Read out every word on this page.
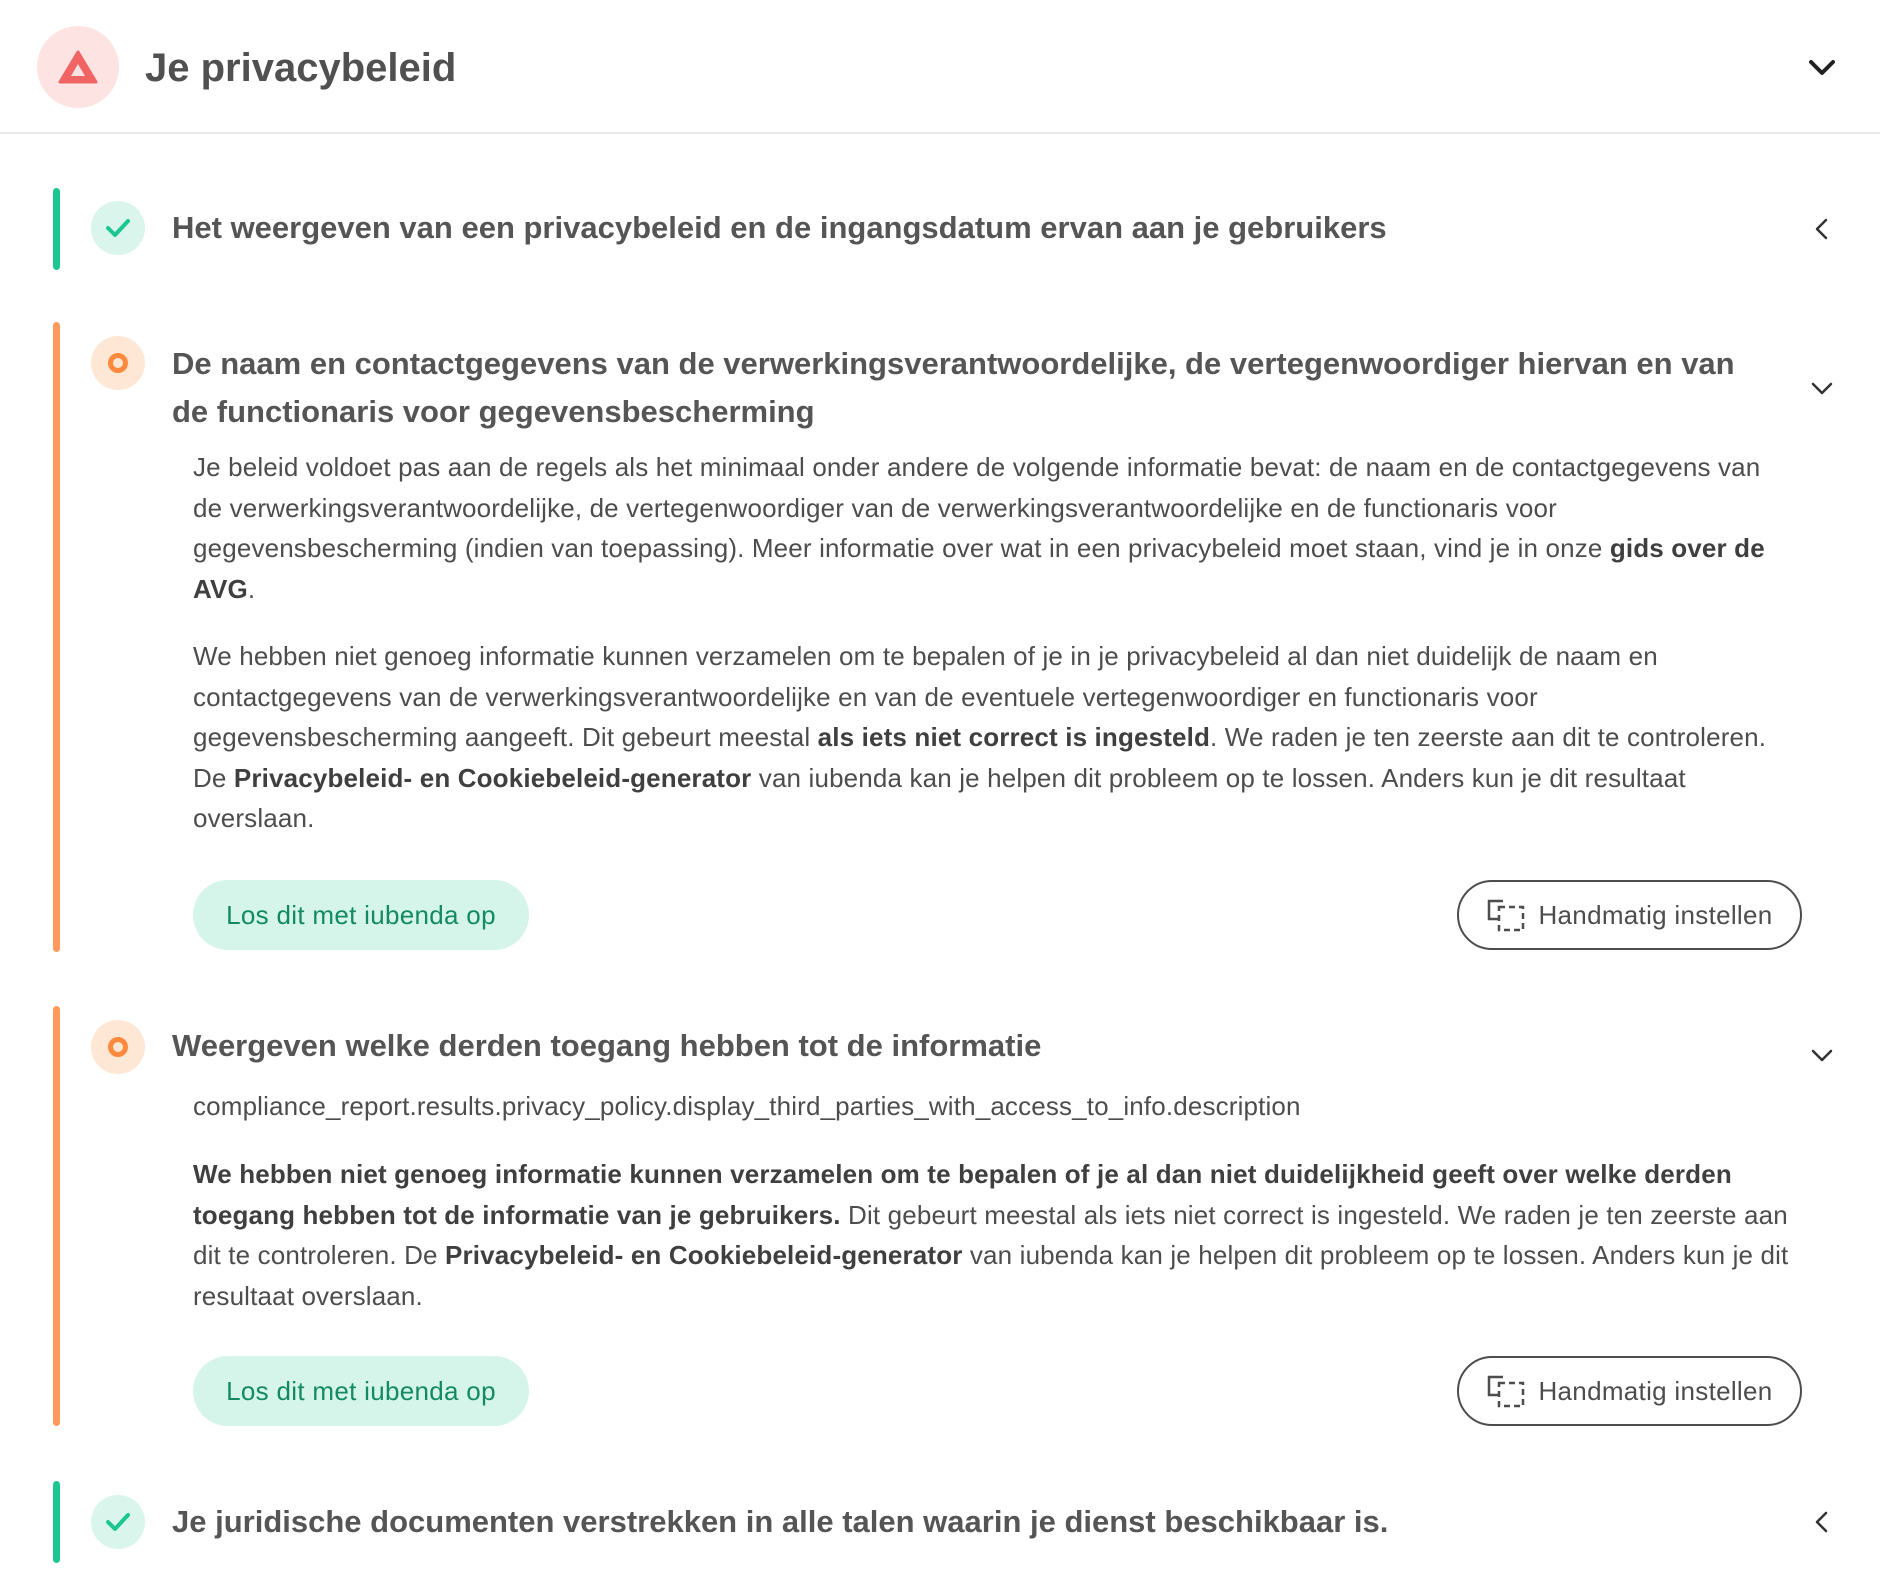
Je privacybeleid
Het weergeven van een privacybeleid en de ingangsdatum ervan aan je gebruikers
De naam en contactgegevens van de verwerkingsverantwoordelijke, de vertegenwoordiger hiervan en van de functionaris voor gegevensbescherming
Je beleid voldoet pas aan de regels als het minimaal onder andere de volgende informatie bevat: de naam en de contactgegevens van de verwerkingsverantwoordelijke, de vertegenwoordiger van de verwerkingsverantwoordelijke en de functionaris voor gegevensbescherming (indien van toepassing). Meer informatie over wat in een privacybeleid moet staan, vind je in onze gids over de AVG.
We hebben niet genoeg informatie kunnen verzamelen om te bepalen of je in je privacybeleid al dan niet duidelijk de naam en contactgegevens van de verwerkingsverantwoordelijke en van de eventuele vertegenwoordiger en functionaris voor gegevensbescherming aangeeft. Dit gebeurt meestal als iets niet correct is ingesteld. We raden je ten zeerste aan dit te controleren. De Privacybeleid- en Cookiebeleid-generator van iubenda kan je helpen dit probleem op te lossen. Anders kun je dit resultaat overslaan.
Los dit met iubenda op	Handmatig instellen
Weergeven welke derden toegang hebben tot de informatie
compliance_report.results.privacy_policy.display_third_parties_with_access_to_info.description
We hebben niet genoeg informatie kunnen verzamelen om te bepalen of je al dan niet duidelijkheid geeft over welke derden toegang hebben tot de informatie van je gebruikers. Dit gebeurt meestal als iets niet correct is ingesteld. We raden je ten zeerste aan dit te controleren. De Privacybeleid- en Cookiebeleid-generator van iubenda kan je helpen dit probleem op te lossen. Anders kun je dit resultaat overslaan.
Los dit met iubenda op	Handmatig instellen
Je juridische documenten verstrekken in alle talen waarin je dienst beschikbaar is.
